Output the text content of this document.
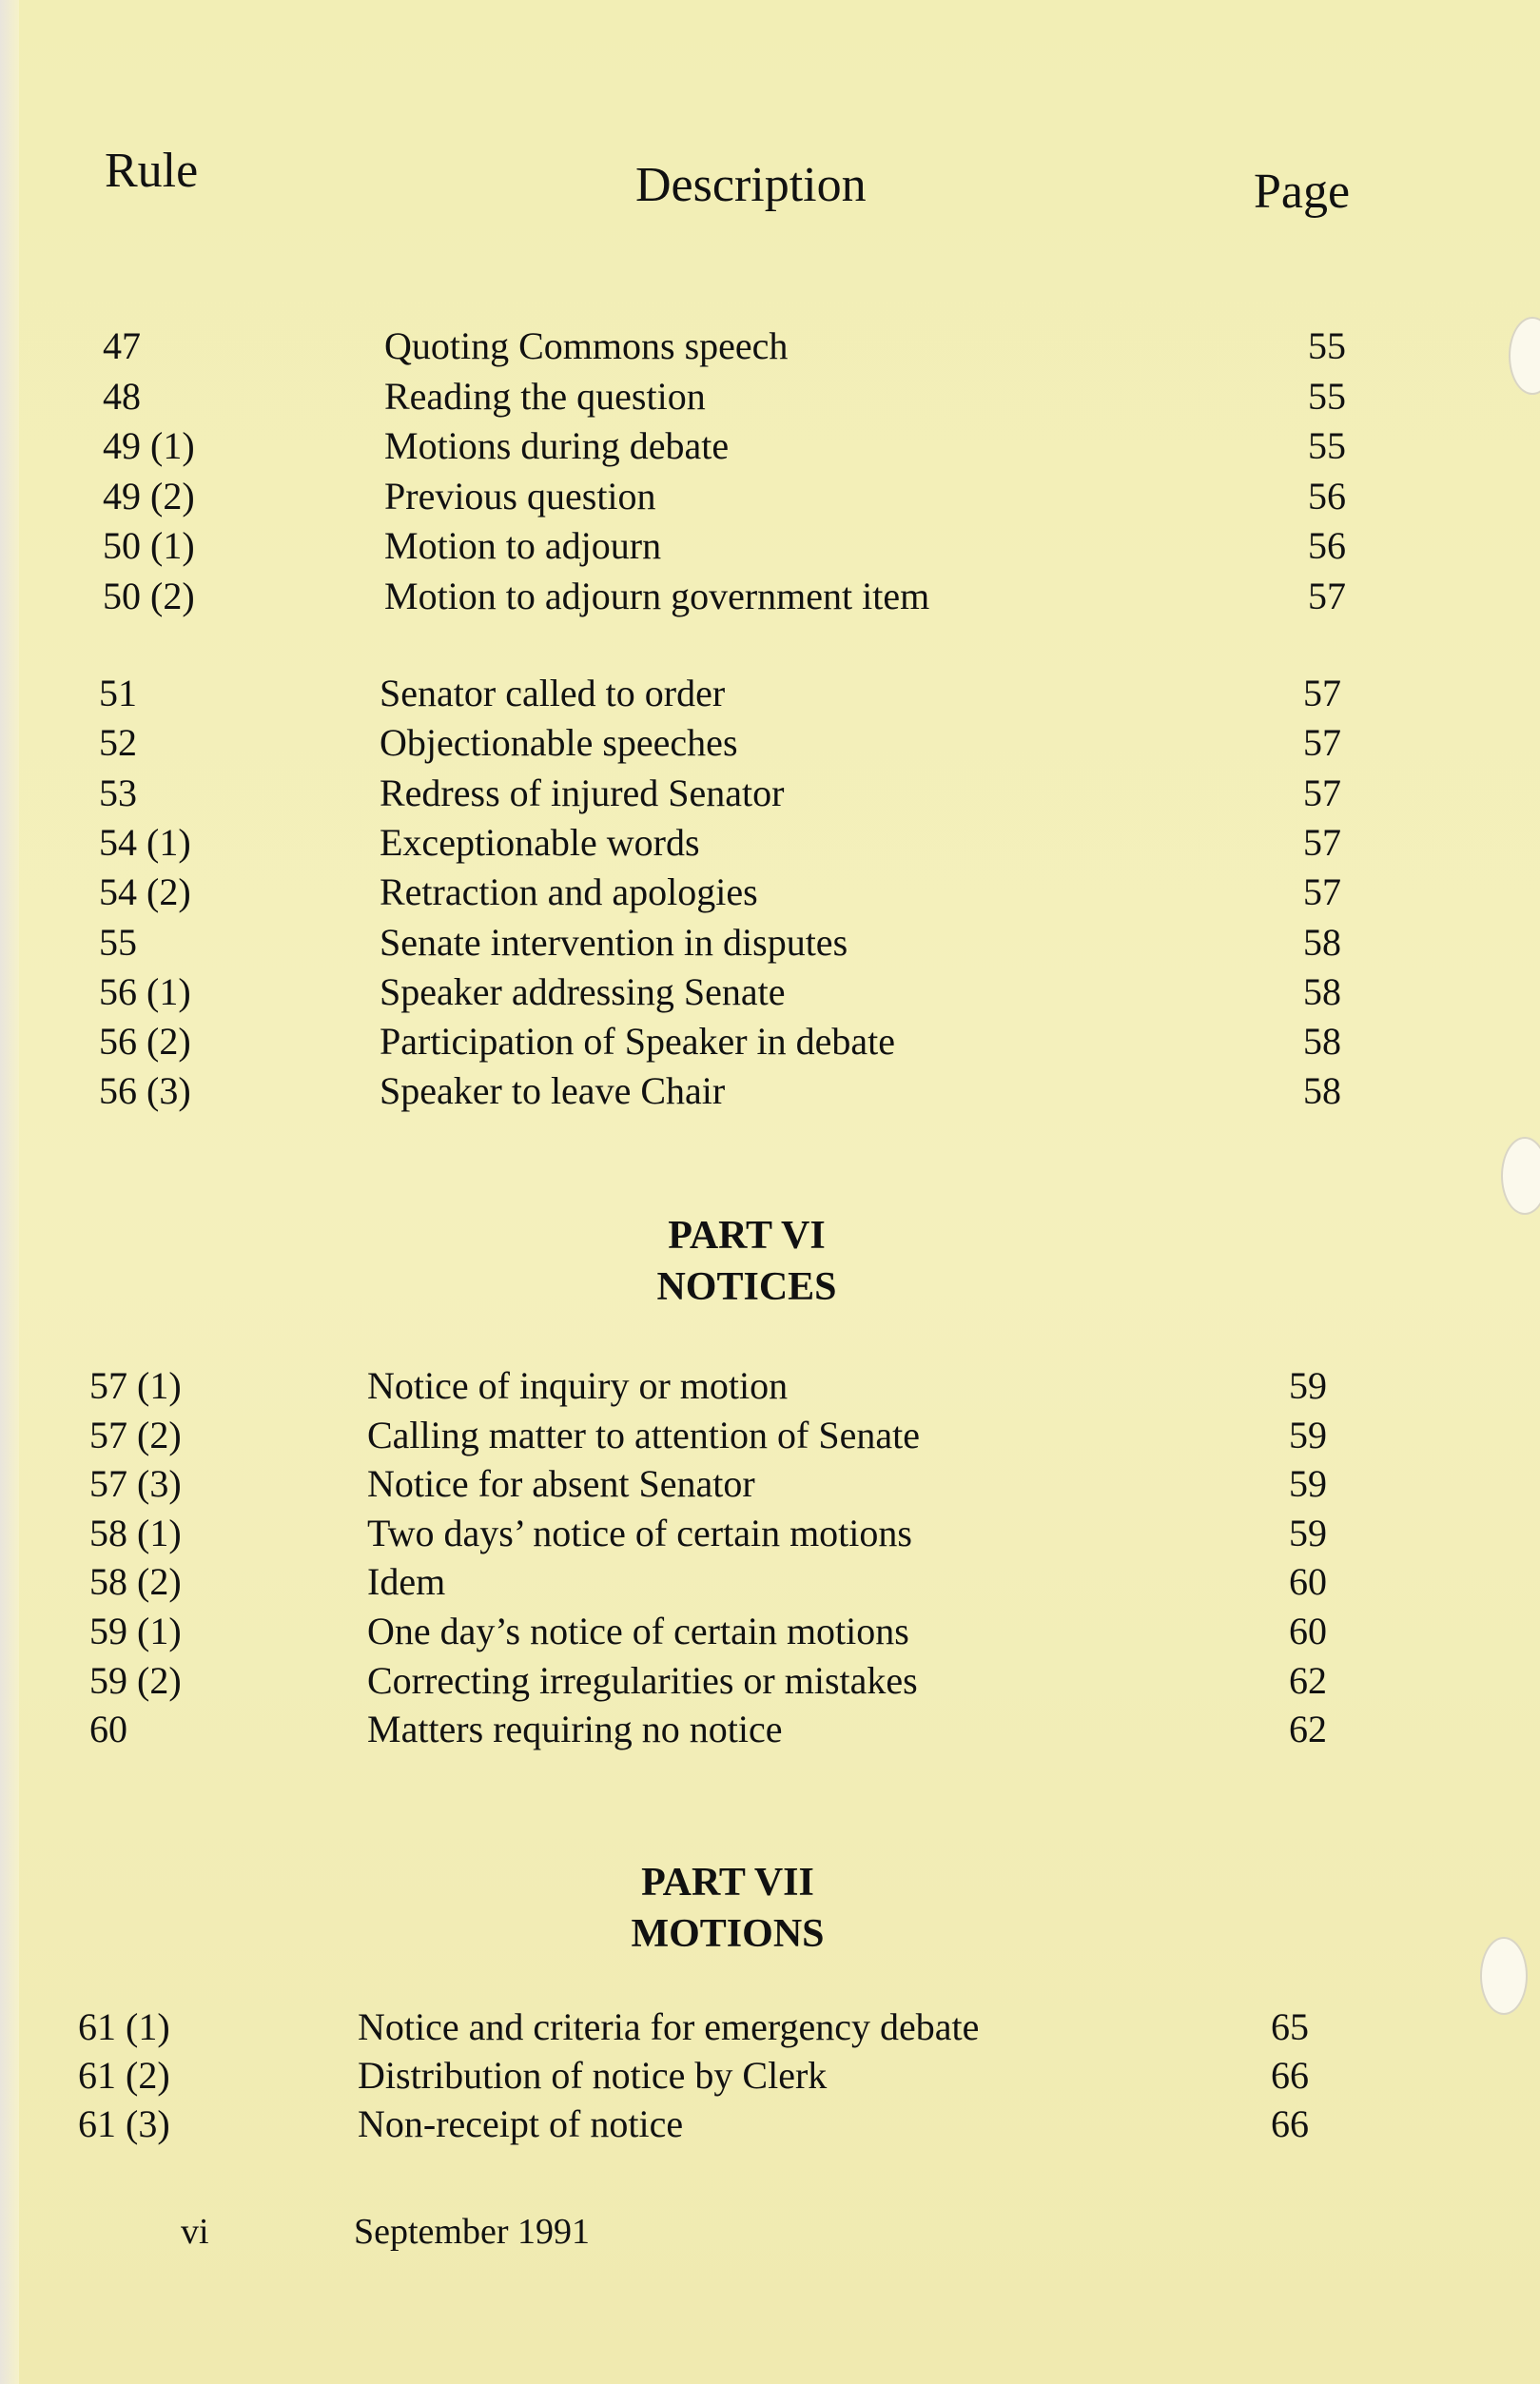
Rule	Description	Page
47	Quoting Commons speech	55
48	Reading the question	55
49 (1)	Motions during debate	55
49 (2)	Previous question	56
50 (1)	Motion to adjourn	56
50 (2)	Motion to adjourn government item	57
51	Senator called to order	57
52	Objectionable speeches	57
53	Redress of injured Senator	57
54 (1)	Exceptionable words	57
54 (2)	Retraction and apologies	57
55	Senate intervention in disputes	58
56 (1)	Speaker addressing Senate	58
56 (2)	Participation of Speaker in debate	58
56 (3)	Speaker to leave Chair	58
PART VI
NOTICES
57 (1)	Notice of inquiry or motion	59
57 (2)	Calling matter to attention of Senate	59
57 (3)	Notice for absent Senator	59
58 (1)	Two days’ notice of certain motions	59
58 (2)	Idem	60
59 (1)	One day’s notice of certain motions	60
59 (2)	Correcting irregularities or mistakes	62
60	Matters requiring no notice	62
PART VII
MOTIONS
61 (1)	Notice and criteria for emergency debate	65
61 (2)	Distribution of notice by Clerk	66
61 (3)	Non-receipt of notice	66
vi	September 1991
